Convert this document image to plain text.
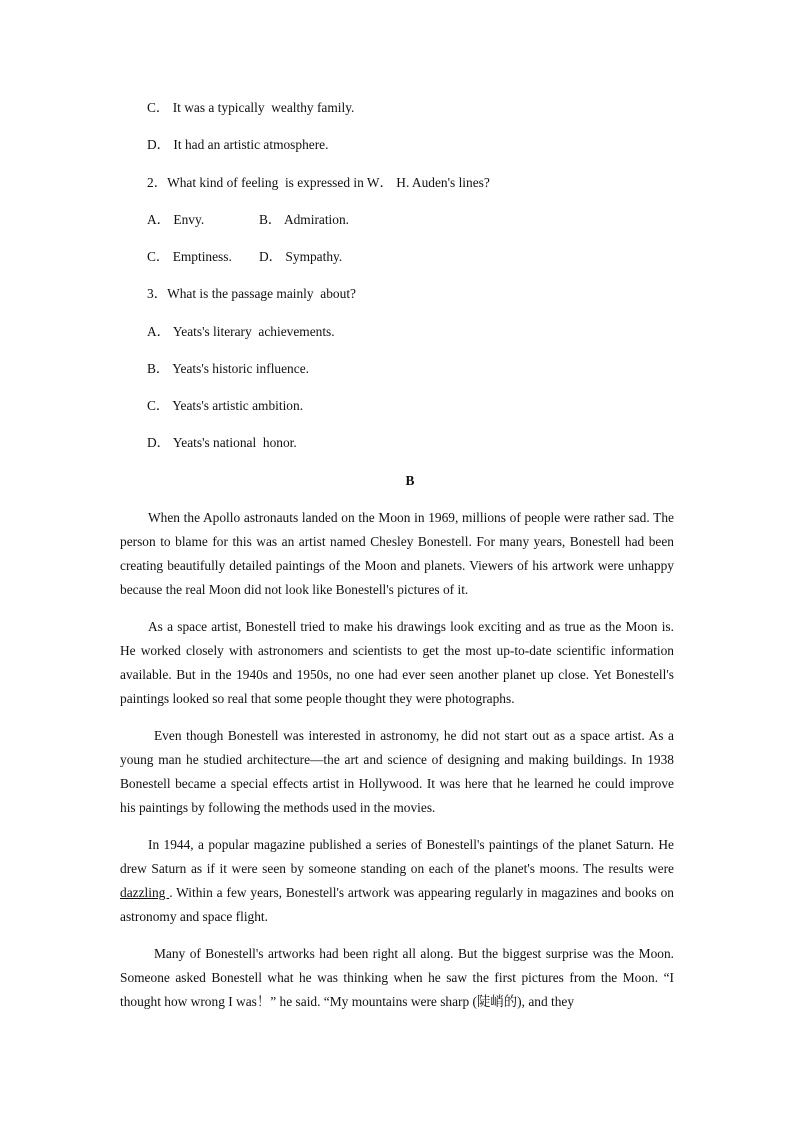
C． It was a typically  wealthy family.
D． It had an artistic atmosphere.
2．What kind of feeling  is expressed in W． H. Auden's lines?
A． Envy.	B． Admiration.
C． Emptiness. D． Sympathy.
3．What is the passage mainly  about?
A． Yeats's literary  achievements.
B． Yeats's historic influence.
C． Yeats's artistic ambition.
D． Yeats's national  honor.
B

When the Apollo astronauts landed on the Moon in 1969, millions of people were rather sad. The person to blame for this was an artist named Chesley Bonestell. For many years, Bonestell had been creating beautifully detailed paintings of the Moon and planets. Viewers of his artwork were unhappy because the real Moon did not look like Bonestell's pictures of it.

As a space artist, Bonestell tried to make his drawings look exciting and as true as the Moon is. He worked closely with astronomers and scientists to get the most up-to-date scientific information available. But in the 1940s and 1950s, no one had ever seen another planet up close. Yet Bonestell's paintings looked so real that some people thought they were photographs.

Even though Bonestell was interested in astronomy, he did not start out as a space artist. As a young man he studied architecture—the art and science of designing and making buildings. In 1938 Bonestell became a special effects artist in Hollywood. It was here that he learned he could improve his paintings by following the methods used in the movies.

In 1944, a popular magazine published a series of Bonestell's paintings of the planet Saturn. He drew Saturn as if it were seen by someone standing on each of the planet's moons. The results were dazzling . Within a few years, Bonestell's artwork was appearing regularly in magazines and books on astronomy and space flight.

Many of Bonestell's artworks had been right all along. But the biggest surprise was the Moon. Someone asked Bonestell what he was thinking when he saw the first pictures from the Moon. “I thought how wrong I was！” he said. “My mountains were sharp (陡峭的), and they
